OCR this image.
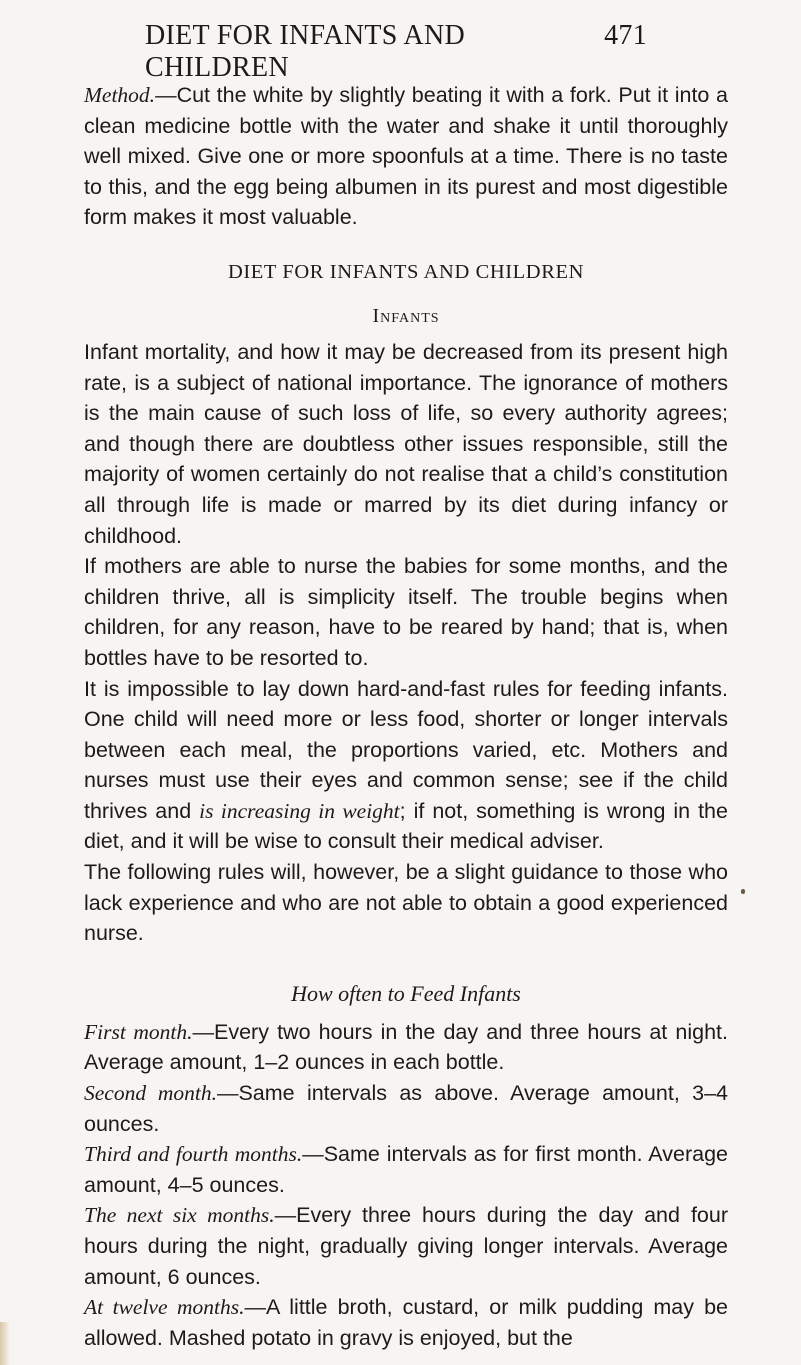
DIET FOR INFANTS AND CHILDREN
471

Method.—Cut the white by slightly beating it with a fork. Put it into a clean medicine bottle with the water and shake it until thoroughly well mixed. Give one or more spoonfuls at a time. There is no taste to this, and the egg being albumen in its purest and most digestible form makes it most valuable.

DIET FOR INFANTS AND CHILDREN
Infants

Infant mortality, and how it may be decreased from its present high rate, is a subject of national importance. The ignorance of mothers is the main cause of such loss of life, so every authority agrees; and though there are doubtless other issues responsible, still the majority of women certainly do not realise that a child’s constitution all through life is made or marred by its diet during infancy or childhood.

If mothers are able to nurse the babies for some months, and the children thrive, all is simplicity itself. The trouble begins when children, for any reason, have to be reared by hand; that is, when bottles have to be resorted to.

It is impossible to lay down hard-and-fast rules for feeding infants. One child will need more or less food, shorter or longer intervals between each meal, the proportions varied, etc. Mothers and nurses must use their eyes and common sense; see if the child thrives and is increasing in weight; if not, something is wrong in the diet, and it will be wise to consult their medical adviser.

The following rules will, however, be a slight guidance to those who lack experience and who are not able to obtain a good experienced nurse.

How often to Feed Infants

First month.—Every two hours in the day and three hours at night. Average amount, 1–2 ounces in each bottle.

Second month.—Same intervals as above. Average amount, 3–4 ounces.

Third and fourth months.—Same intervals as for first month. Average amount, 4–5 ounces.

The next six months.—Every three hours during the day and four hours during the night, gradually giving longer intervals. Average amount, 6 ounces.

At twelve months.—A little broth, custard, or milk pudding may be allowed. Mashed potato in gravy is enjoyed, but the
